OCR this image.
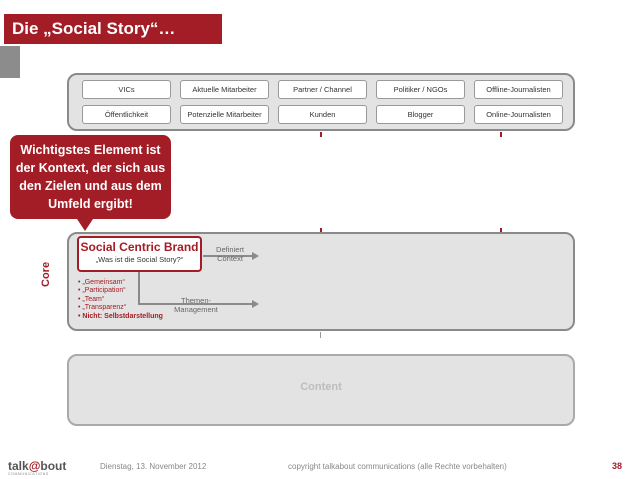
Die „Social Story“…
VICs	Aktuelle Mitarbeiter	Partner / Channel	Politiker / NGOs	Offline-Journalisten
Öffentlichkeit	Potenzielle Mitarbeiter	Kunden	Blogger	Online-Journalisten
Core
Social Centric Brand
„Was ist die Social Story?“
Definiert Context
Themen-Management
• „Gemeinsam“
• „Participation“
• „Team“
• „Transparenz“
• Nicht: Selbstdarstellung
Wichtigstes Element ist der Kontext, der sich aus den Zielen und aus dem Umfeld ergibt!
Content
talk@bout
COMMUNICATIONS
Dienstag, 13. November 2012	copyright talkabout communications (alle Rechte vorbehalten)	38
